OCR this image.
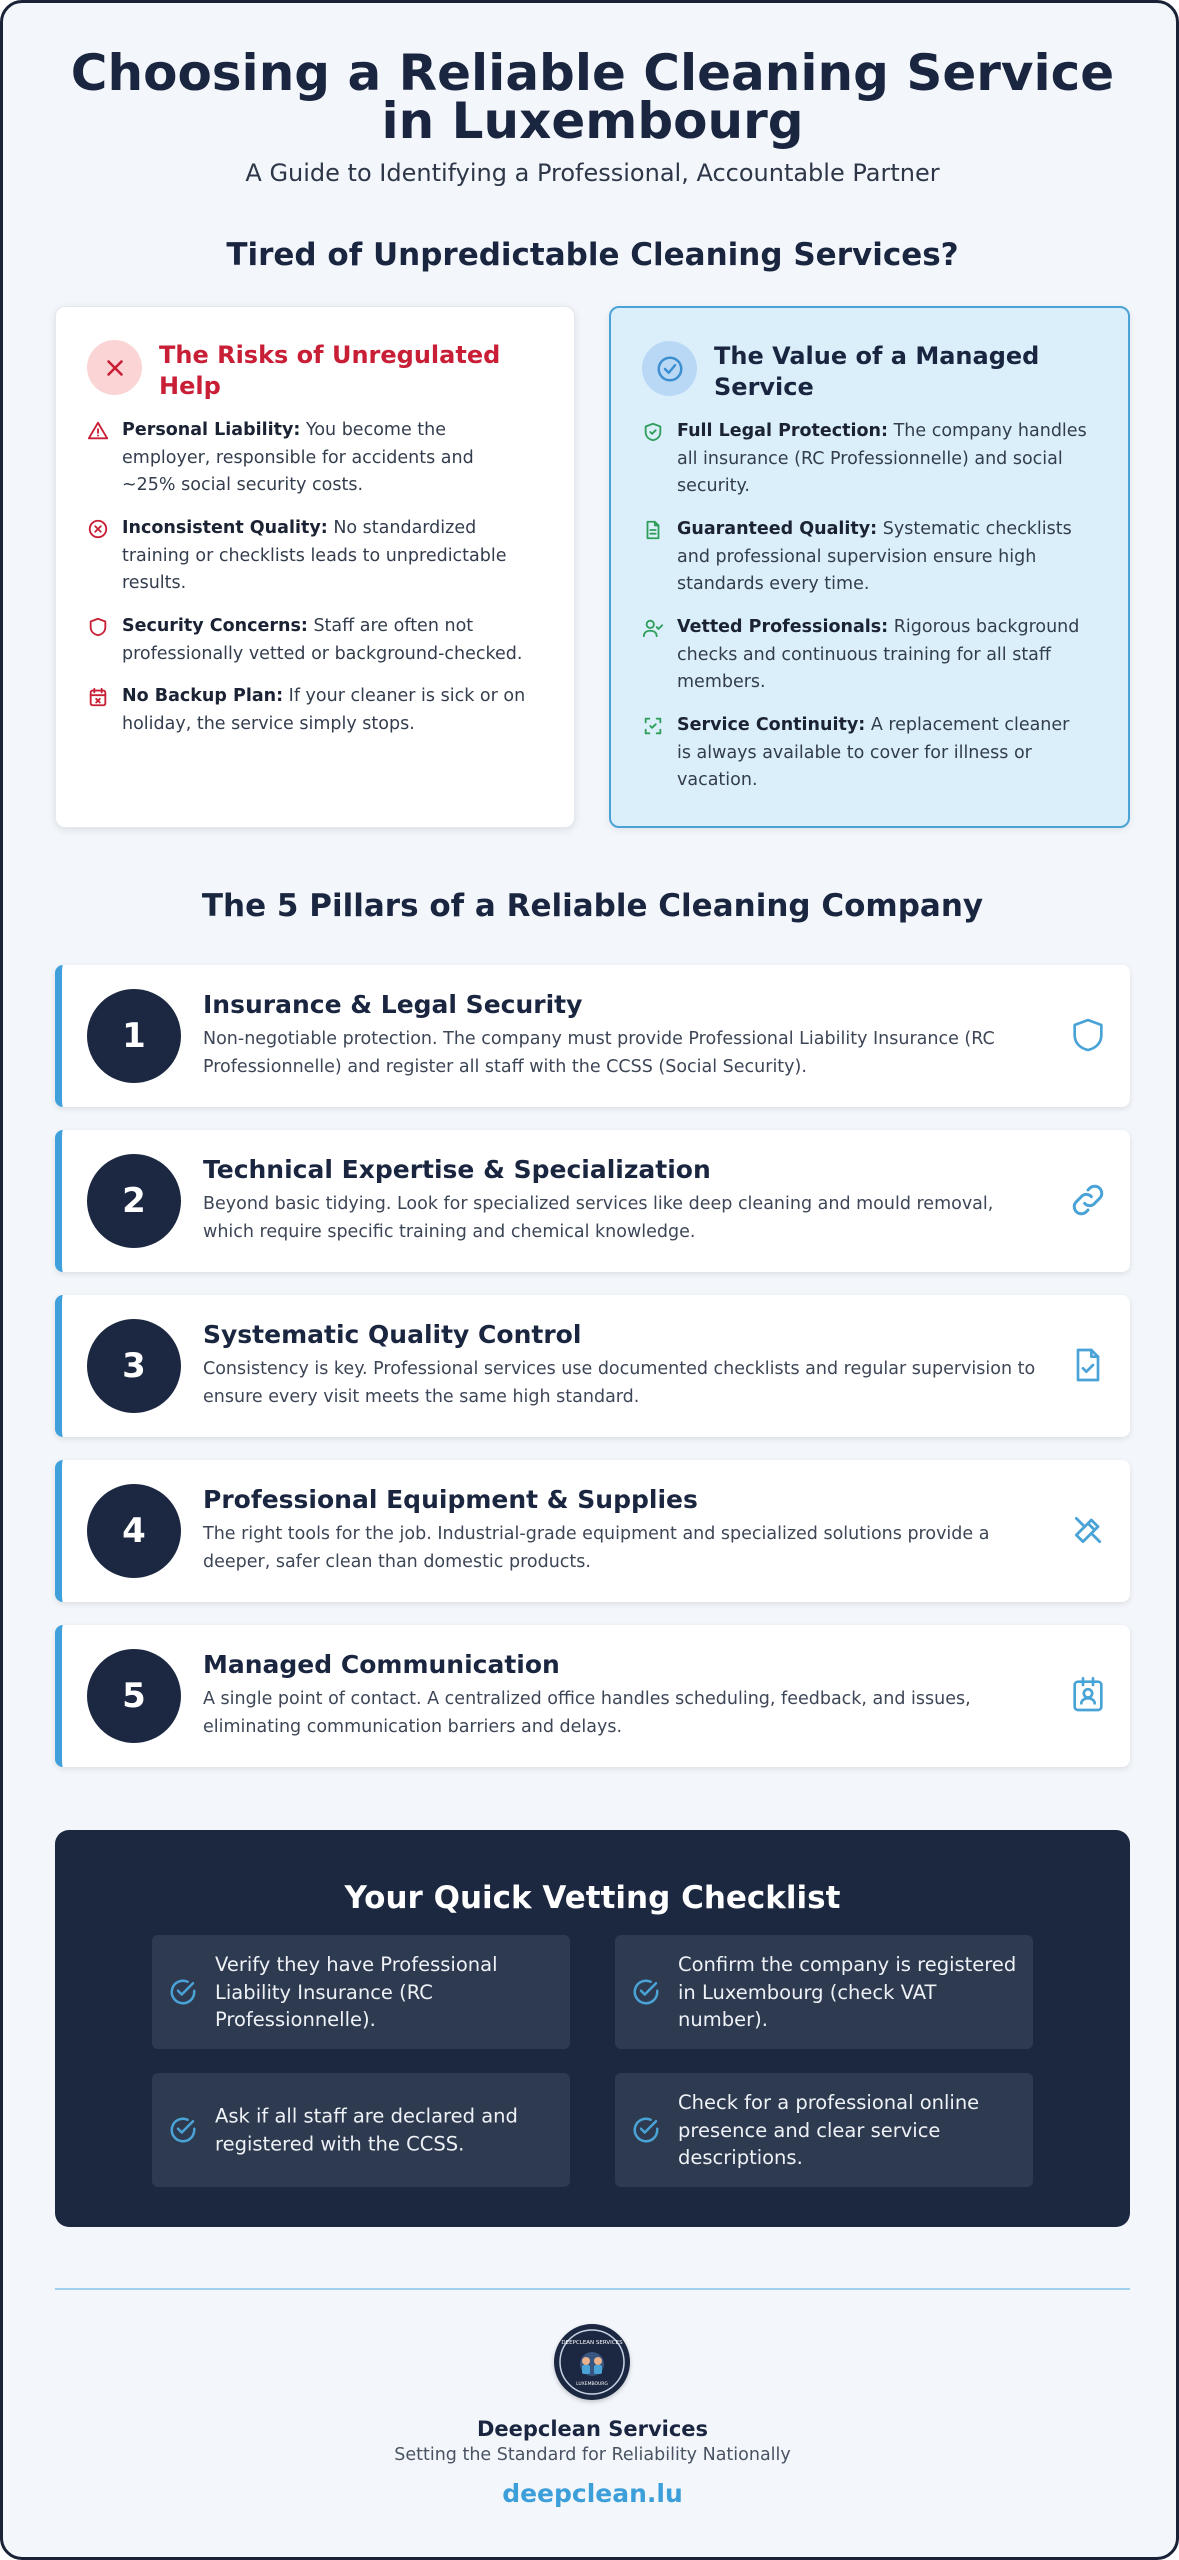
Choosing a Reliable Cleaning Service in Luxembourg
A Guide to Identifying a Professional, Accountable Partner
Tired of Unpredictable Cleaning Services?
The Risks of Unregulated Help
Personal Liability: You become the employer, responsible for accidents and ~25% social security costs.
Inconsistent Quality: No standardized training or checklists leads to unpredictable results.
Security Concerns: Staff are often not professionally vetted or background-checked.
No Backup Plan: If your cleaner is sick or on holiday, the service simply stops.
The Value of a Managed Service
Full Legal Protection: The company handles all insurance (RC Professionnelle) and social security.
Guaranteed Quality: Systematic checklists and professional supervision ensure high standards every time.
Vetted Professionals: Rigorous background checks and continuous training for all staff members.
Service Continuity: A replacement cleaner is always available to cover for illness or vacation.
The 5 Pillars of a Reliable Cleaning Company
1
Insurance & Legal Security
Non-negotiable protection. The company must provide Professional Liability Insurance (RC Professionnelle) and register all staff with the CCSS (Social Security).
2
Technical Expertise & Specialization
Beyond basic tidying. Look for specialized services like deep cleaning and mould removal, which require specific training and chemical knowledge.
3
Systematic Quality Control
Consistency is key. Professional services use documented checklists and regular supervision to ensure every visit meets the same high standard.
4
Professional Equipment & Supplies
The right tools for the job. Industrial-grade equipment and specialized solutions provide a deeper, safer clean than domestic products.
5
Managed Communication
A single point of contact. A centralized office handles scheduling, feedback, and issues, eliminating communication barriers and delays.
Your Quick Vetting Checklist
Verify they have Professional Liability Insurance (RC Professionnelle).
Confirm the company is registered in Luxembourg (check VAT number).
Ask if all staff are declared and registered with the CCSS.
Check for a professional online presence and clear service descriptions.
DEEPCLEAN SERVICES
LUXEMBOURG
Deepclean Services
Setting the Standard for Reliability Nationally
deepclean.lu
